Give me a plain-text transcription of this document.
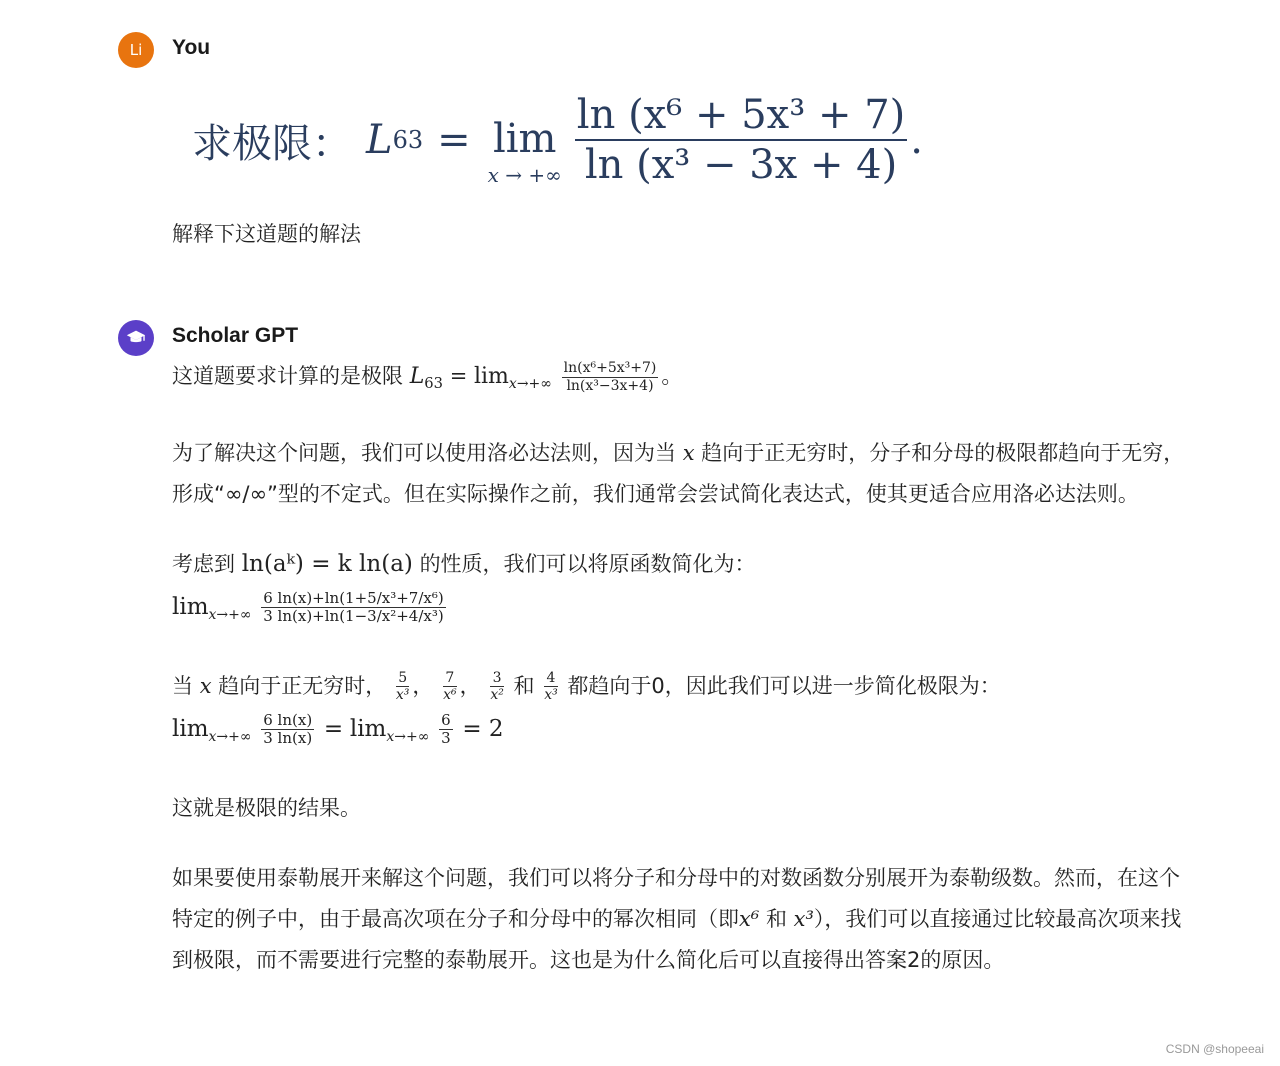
Li You
求极限： L 63 = lim
x → +∞ $\frac{\text{ln (x⁶ + 5x³ + 7)}}{\text{ln (x³ − 3x + 4)}}$ .
解释下这道题的解法
Scholar GPT
这道题要求计算的是极限 $L_{63} = \lim_{x\to+\infty} \frac{\text{ln(x⁶+5x³+7)}}{\text{ln(x³−3x+4)}}$ 。
为了解决这个问题，我们可以使用洛必达法则，因为当 x 趋向于正无穷时，分子和分母的极限都趋向于无穷，形成“∞/∞”型的不定式。但在实际操作之前，我们通常会尝试简化表达式，使其更适合应用洛必达法则。
考虑到 ln(aᵏ) = k ln(a) 的性质，我们可以将原函数简化为：
$\lim_{x\to+\infty} \frac{\text{6 ln(x)+ln(1+5/x³+7/x⁶)}}{\text{3 ln(x)+ln(1−3/x²+4/x³)}}$
当 x 趋向于正无穷时， $\frac{5}{\text{x³}}$ ， $\frac{7}{\text{x⁶}}$ ， $\frac{3}{\text{x²}}$ 和 $\frac{4}{\text{x³}}$ 都趋向于0，因此我们可以进一步简化极限为：
$\lim_{x\to+\infty} \frac{6 \ln(x)}{3 \ln(x)} = \lim_{x\to+\infty} \frac{6}{3} = 2$
这就是极限的结果。
如果要使用泰勒展开来解这个问题，我们可以将分子和分母中的对数函数分别展开为泰勒级数。然而，在这个特定的例子中，由于最高次项在分子和分母中的幂次相同（即x⁶ 和 x³），我们可以直接通过比较最高次项来找到极限，而不需要进行完整的泰勒展开。这也是为什么简化后可以直接得出答案2的原因。
CSDN @shopeeai
